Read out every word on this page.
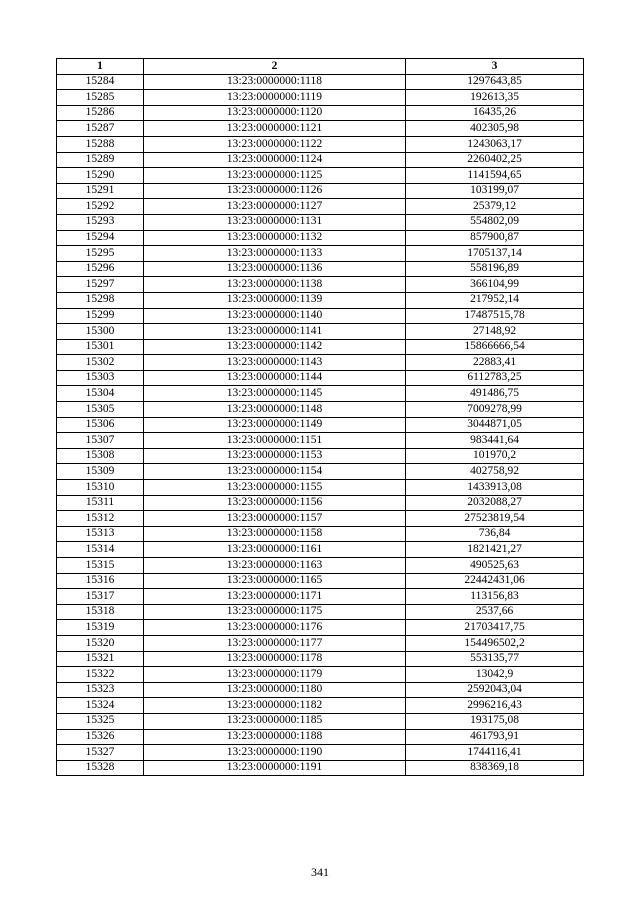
1	2	3
15284	13:23:0000000:1118	1297643,85
15285	13:23:0000000:1119	192613,35
15286	13:23:0000000:1120	16435,26
15287	13:23:0000000:1121	402305,98
15288	13:23:0000000:1122	1243063,17
15289	13:23:0000000:1124	2260402,25
15290	13:23:0000000:1125	1141594,65
15291	13:23:0000000:1126	103199,07
15292	13:23:0000000:1127	25379,12
15293	13:23:0000000:1131	554802,09
15294	13:23:0000000:1132	857900,87
15295	13:23:0000000:1133	1705137,14
15296	13:23:0000000:1136	558196,89
15297	13:23:0000000:1138	366104,99
15298	13:23:0000000:1139	217952,14
15299	13:23:0000000:1140	17487515,78
15300	13:23:0000000:1141	27148,92
15301	13:23:0000000:1142	15866666,54
15302	13:23:0000000:1143	22883,41
15303	13:23:0000000:1144	6112783,25
15304	13:23:0000000:1145	491486,75
15305	13:23:0000000:1148	7009278,99
15306	13:23:0000000:1149	3044871,05
15307	13:23:0000000:1151	983441,64
15308	13:23:0000000:1153	101970,2
15309	13:23:0000000:1154	402758,92
15310	13:23:0000000:1155	1433913,08
15311	13:23:0000000:1156	2032088,27
15312	13:23:0000000:1157	27523819,54
15313	13:23:0000000:1158	736,84
15314	13:23:0000000:1161	1821421,27
15315	13:23:0000000:1163	490525,63
15316	13:23:0000000:1165	22442431,06
15317	13:23:0000000:1171	113156,83
15318	13:23:0000000:1175	2537,66
15319	13:23:0000000:1176	21703417,75
15320	13:23:0000000:1177	154496502,2
15321	13:23:0000000:1178	553135,77
15322	13:23:0000000:1179	13042,9
15323	13:23:0000000:1180	2592043,04
15324	13:23:0000000:1182	2996216,43
15325	13:23:0000000:1185	193175,08
15326	13:23:0000000:1188	461793,91
15327	13:23:0000000:1190	1744116,41
15328	13:23:0000000:1191	838369,18
341
